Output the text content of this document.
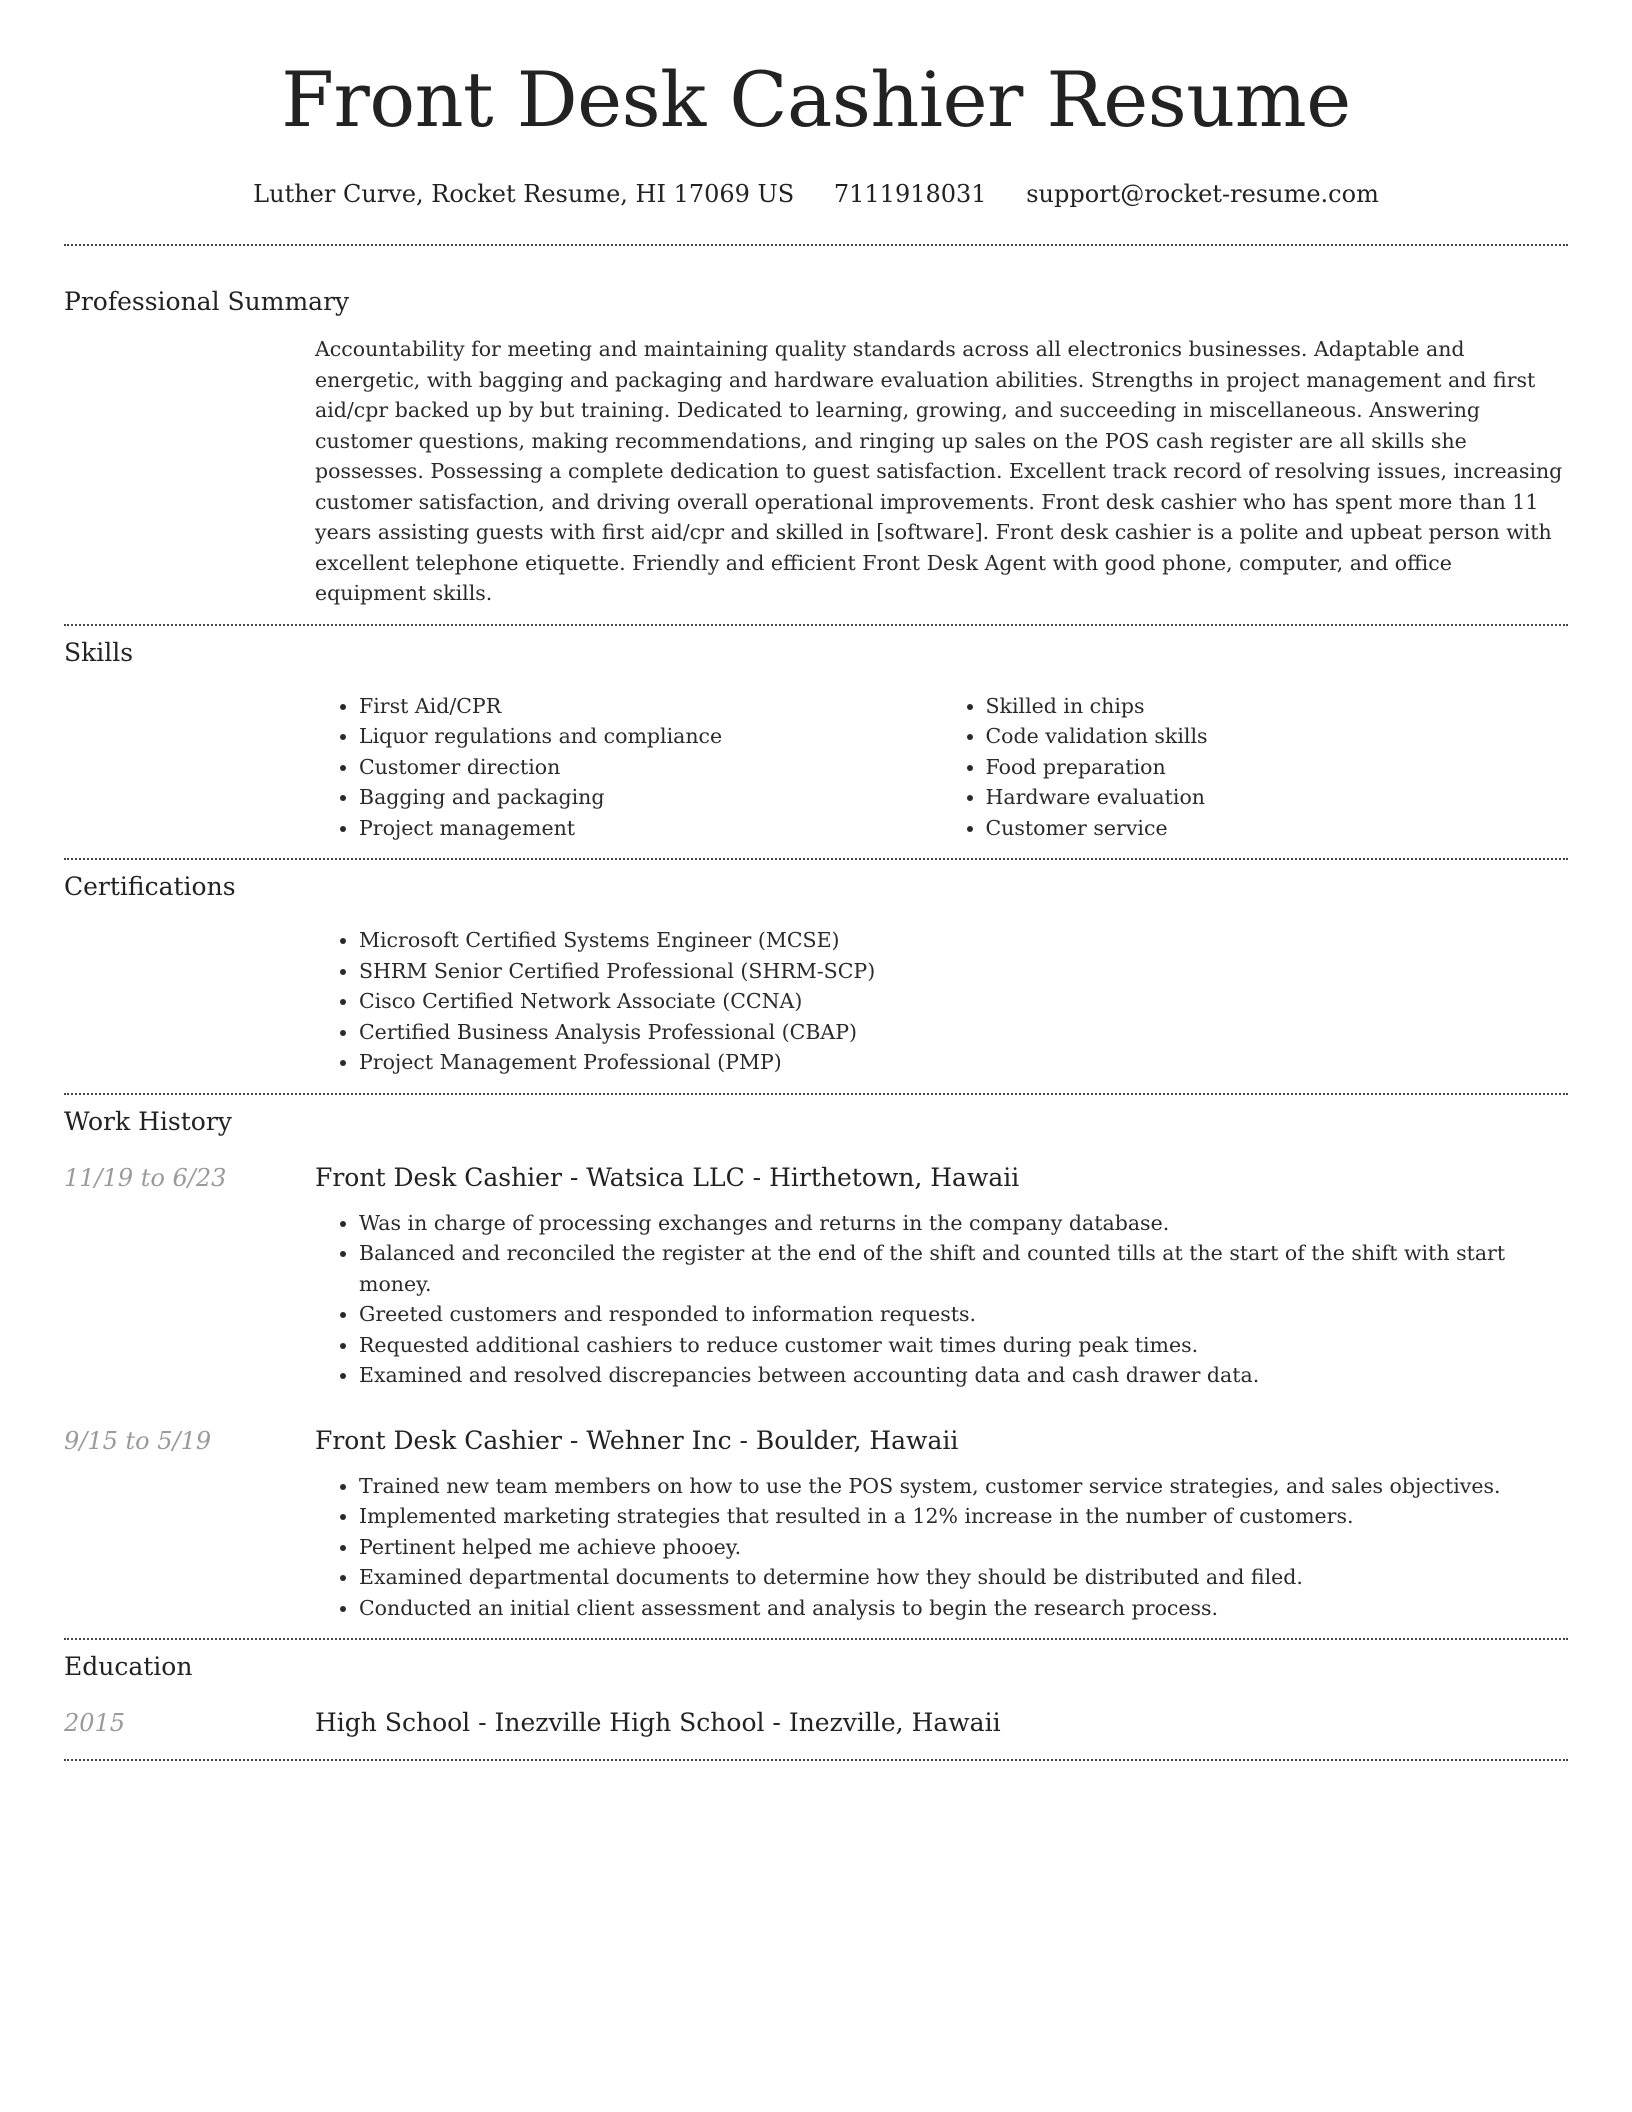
Front Desk Cashier Resume
Luther Curve, Rocket Resume, HI 17069 US 7111918031 support@rocket-resume.com
Professional Summary

Accountability for meeting and maintaining quality standards across all electronics businesses. Adaptable and energetic, with bagging and packaging and hardware evaluation abilities. Strengths in project management and first aid/cpr backed up by but training. Dedicated to learning, growing, and succeeding in miscellaneous. Answering customer questions, making recommendations, and ringing up sales on the POS cash register are all skills she possesses. Possessing a complete dedication to guest satisfaction. Excellent track record of resolving issues, increasing customer satisfaction, and driving overall operational improvements. Front desk cashier who has spent more than 11 years assisting guests with first aid/cpr and skilled in [software]. Front desk cashier is a polite and upbeat person with excellent telephone etiquette. Friendly and efficient Front Desk Agent with good phone, computer, and office equipment skills.

Skills
• First Aid/CPR
• Liquor regulations and compliance
• Customer direction
• Bagging and packaging
• Project management
• Skilled in chips
• Code validation skills
• Food preparation
• Hardware evaluation
• Customer service
Certifications
• Microsoft Certified Systems Engineer (MCSE)
• SHRM Senior Certified Professional (SHRM-SCP)
• Cisco Certified Network Associate (CCNA)
• Certified Business Analysis Professional (CBAP)
• Project Management Professional (PMP)
Work History
11/19 to 6/23	Front Desk Cashier - Watsica LLC - Hirthetown, Hawaii
• Was in charge of processing exchanges and returns in the company database.
• Balanced and reconciled the register at the end of the shift and counted tills at the start of the shift with start money.
• Greeted customers and responded to information requests.
• Requested additional cashiers to reduce customer wait times during peak times.
• Examined and resolved discrepancies between accounting data and cash drawer data.
9/15 to 5/19	Front Desk Cashier - Wehner Inc - Boulder, Hawaii
• Trained new team members on how to use the POS system, customer service strategies, and sales objectives.
• Implemented marketing strategies that resulted in a 12% increase in the number of customers.
• Pertinent helped me achieve phooey.
• Examined departmental documents to determine how they should be distributed and filed.
• Conducted an initial client assessment and analysis to begin the research process.
Education
2015	High School - Inezville High School - Inezville, Hawaii
